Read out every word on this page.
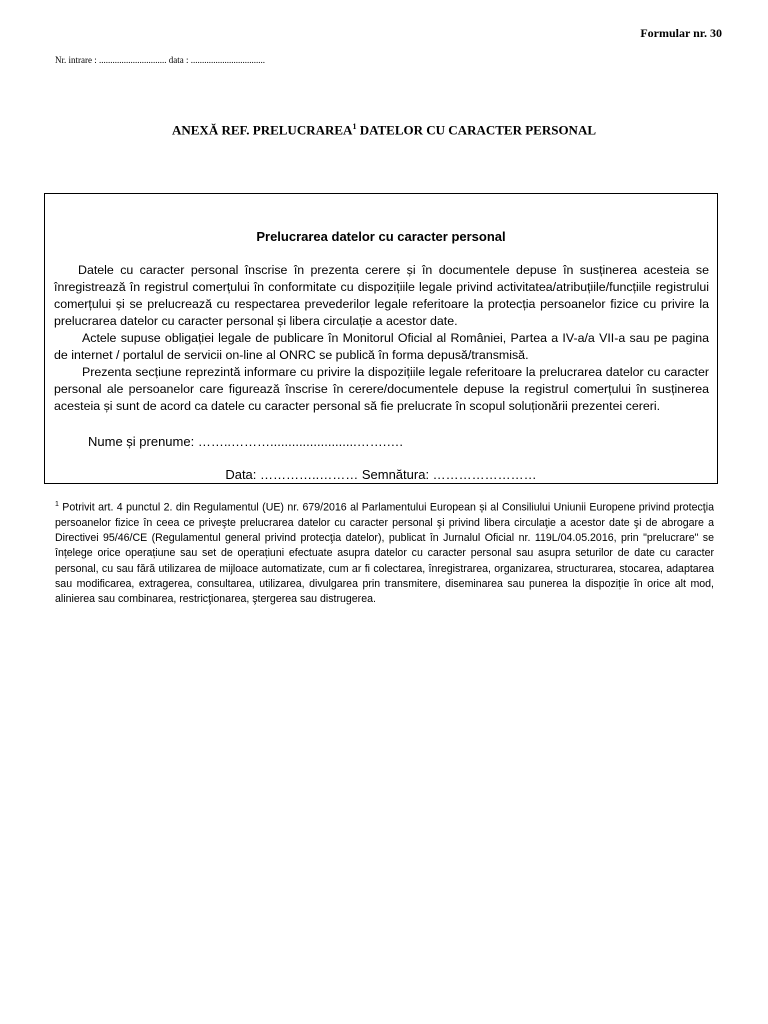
Formular nr. 30
Nr. intrare : .............................. data : .................................
ANEXĂ REF. PRELUCRAREA$^1$ DATELOR CU CARACTER PERSONAL
Prelucrarea datelor cu caracter personal

Datele cu caracter personal înscrise în prezenta cerere și în documentele depuse în susținerea acesteia se înregistrează în registrul comerțului în conformitate cu dispozițiile legale privind activitatea/atribuțiile/funcțiile registrului comerțului și se prelucrează cu respectarea prevederilor legale referitoare la protecția persoanelor fizice cu privire la prelucrarea datelor cu caracter personal și libera circulație a acestor date.

Actele supuse obligației legale de publicare în Monitorul Oficial al României, Partea a IV-a/a VII-a sau pe pagina de internet / portalul de servicii on-line al ONRC se publică în forma depusă/transmisă.

Prezenta secțiune reprezintă informare cu privire la dispozițiile legale referitoare la prelucrarea datelor cu caracter personal ale persoanelor care figurează înscrise în cerere/documentele depuse la registrul comerțului în susținerea acesteia și sunt de acord ca datele cu caracter personal să fie prelucrate în scopul soluționării prezentei cereri.

Nume și prenume: ……..………........................…….….
Data: …………..……… Semnătura: ……………………
$^1$ Potrivit art. 4 punctul 2. din Regulamentul (UE) nr. 679/2016 al Parlamentului European și al Consiliului Uniunii Europene privind protecţia persoanelor fizice în ceea ce priveşte prelucrarea datelor cu caracter personal şi privind libera circulaţie a acestor date şi de abrogare a Directivei 95/46/CE (Regulamentul general privind protecţia datelor), publicat în Jurnalul Oficial nr. 119L/04.05.2016, prin "prelucrare" se înțelege orice operațiune sau set de operațiuni efectuate asupra datelor cu caracter personal sau asupra seturilor de date cu caracter personal, cu sau fără utilizarea de mijloace automatizate, cum ar fi colectarea, înregistrarea, organizarea, structurarea, stocarea, adaptarea sau modificarea, extragerea, consultarea, utilizarea, divulgarea prin transmitere, diseminarea sau punerea la dispoziție în orice alt mod, alinierea sau combinarea, restricţionarea, ştergerea sau distrugerea.
